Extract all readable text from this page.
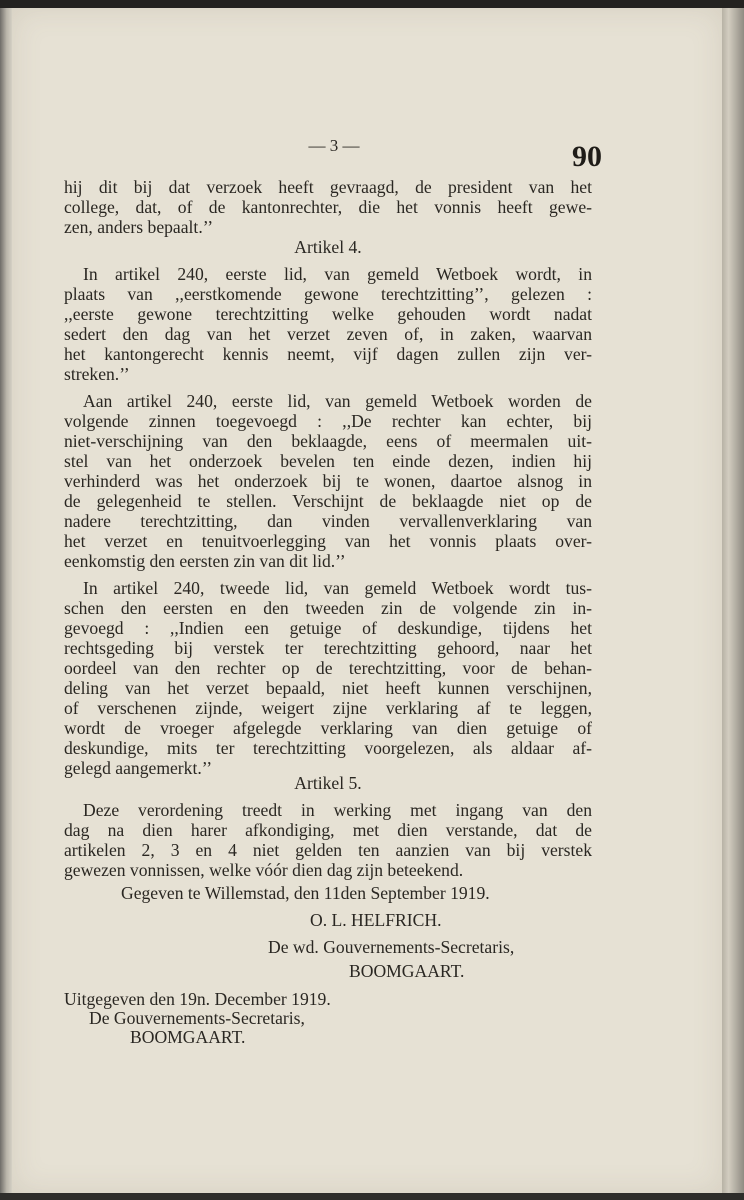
— 3 —	90
hij dit bij dat verzoek heeft gevraagd, de president van het
college, dat, of de kantonrechter, die het vonnis heeft gewe-
zen, anders bepaalt.’’
Artikel 4.
In artikel 240, eerste lid, van gemeld Wetboek wordt, in
plaats van ,,eerstkomende gewone terechtzitting’’, gelezen :
,,eerste gewone terechtzitting welke gehouden wordt nadat
sedert den dag van het verzet zeven of, in zaken, waarvan
het kantongerecht kennis neemt, vijf dagen zullen zijn ver-
streken.’’
Aan artikel 240, eerste lid, van gemeld Wetboek worden de
volgende zinnen toegevoegd : ,,De rechter kan echter, bij
niet-verschijning van den beklaagde, eens of meermalen uit-
stel van het onderzoek bevelen ten einde dezen, indien hij
verhinderd was het onderzoek bij te wonen, daartoe alsnog in
de gelegenheid te stellen. Verschijnt de beklaagde niet op de
nadere terechtzitting, dan vinden vervallenverklaring van
het verzet en tenuitvoerlegging van het vonnis plaats over-
eenkomstig den eersten zin van dit lid.’’
In artikel 240, tweede lid, van gemeld Wetboek wordt tus-
schen den eersten en den tweeden zin de volgende zin in-
gevoegd : ,,Indien een getuige of deskundige, tijdens het
rechtsgeding bij verstek ter terechtzitting gehoord, naar het
oordeel van den rechter op de terechtzitting, voor de behan-
deling van het verzet bepaald, niet heeft kunnen verschijnen,
of verschenen zijnde, weigert zijne verklaring af te leggen,
wordt de vroeger afgelegde verklaring van dien getuige of
deskundige, mits ter terechtzitting voorgelezen, als aldaar af-
gelegd aangemerkt.’’
Artikel 5.
Deze verordening treedt in werking met ingang van den
dag na dien harer afkondiging, met dien verstande, dat de
artikelen 2, 3 en 4 niet gelden ten aanzien van bij verstek
gewezen vonnissen, welke vóór dien dag zijn beteekend.
Gegeven te Willemstad, den 11den September 1919.
O. L. HELFRICH.
De wd. Gouvernements-Secretaris,
BOOMGAART.
Uitgegeven den 19n. December 1919.
De Gouvernements-Secretaris,
BOOMGAART.
